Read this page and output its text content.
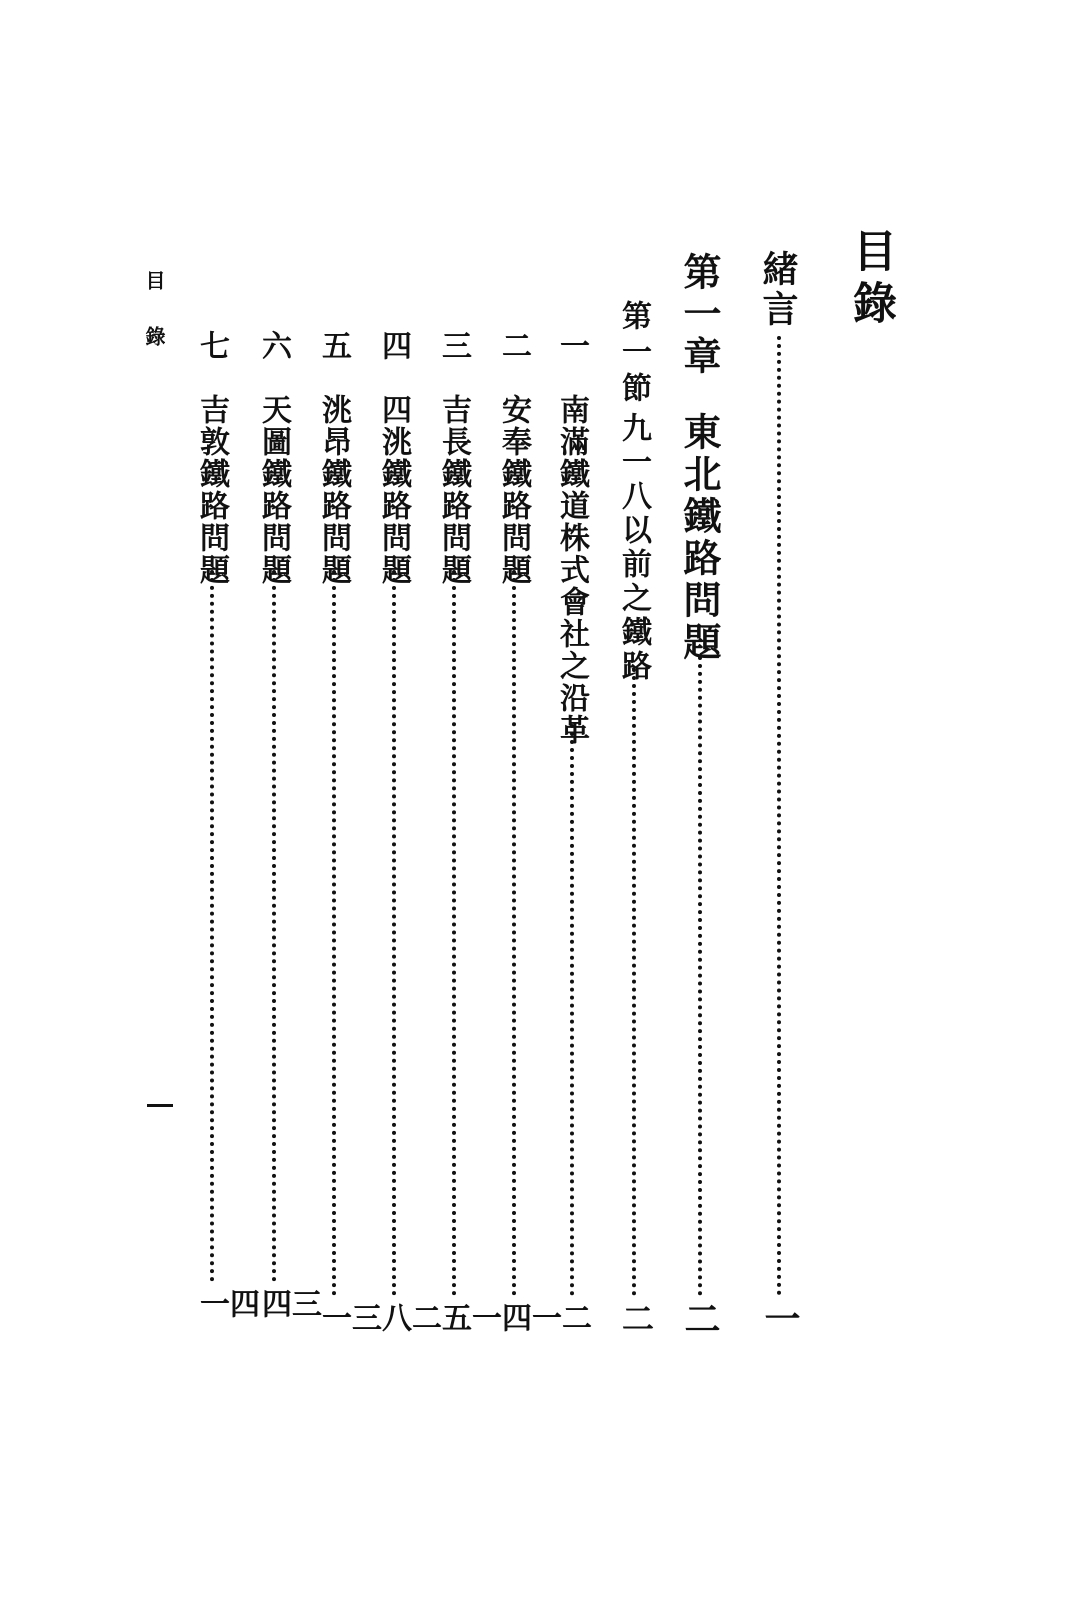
目錄
緒言
一
第一章
東北鐵路問題
二
第一節
九一八以前之鐵路
二
一
南滿鐵道株式會社之沿革
二
二
安奉鐵路問題
一四
三
吉長鐵路問題
一五
四
四洮鐵路問題
二八
五
洮昂鐵路問題
三一
六
天圖鐵路問題
三四
七
吉敦鐵路問題
四一
目錄
